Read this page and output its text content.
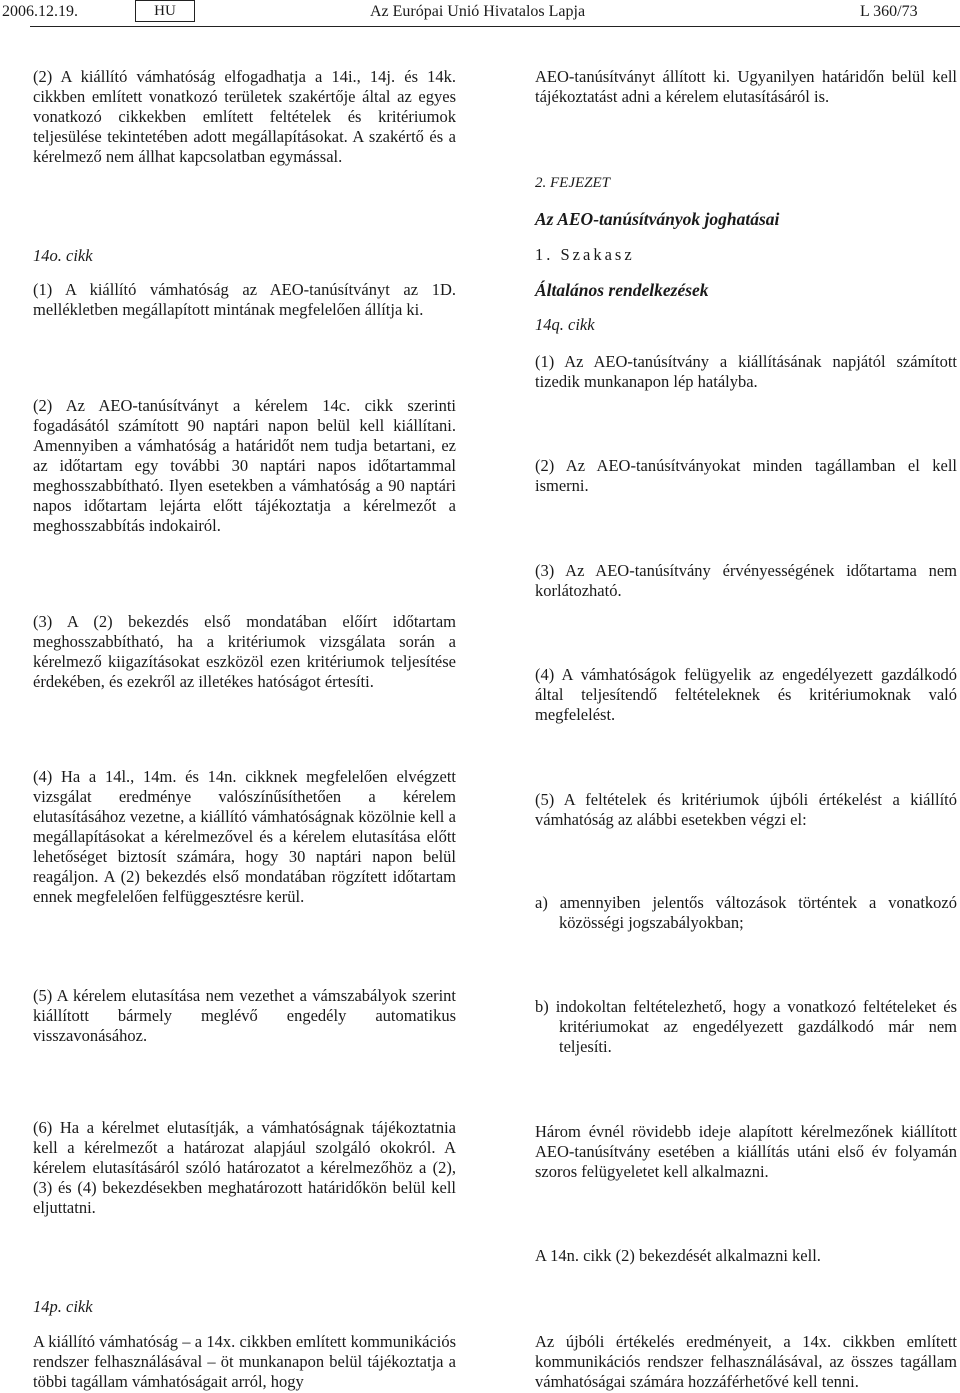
2006.12.19.	HU	Az Európai Unió Hivatalos Lapja	L 360/73

(2) A kiállító vámhatóság elfogadhatja a 14i., 14j. és 14k. cikkben említett vonatkozó területek szakértője által az egyes vonatkozó cikkekben említett feltételek és kritériumok teljesülése tekintetében adott megállapításokat. A szakértő és a kérelmező nem állhat kapcsolatban egymással.

14o. cikk

(1) A kiállító vámhatóság az AEO-tanúsítványt az 1D. mellékletben megállapított mintának megfelelően állítja ki.

(2) Az AEO-tanúsítványt a kérelem 14c. cikk szerinti fogadásától számított 90 naptári napon belül kell kiállítani. Amennyiben a vámhatóság a határidőt nem tudja betartani, ez az időtartam egy további 30 naptári napos időtartammal meghosszabbítható. Ilyen esetekben a vámhatóság a 90 naptári napos időtartam lejárta előtt tájékoztatja a kérelmezőt a meghosszabbítás indokairól.

(3) A (2) bekezdés első mondatában előírt időtartam meghosszabbítható, ha a kritériumok vizsgálata során a kérelmező kiigazításokat eszközöl ezen kritériumok teljesítése érdekében, és ezekről az illetékes hatóságot értesíti.

(4) Ha a 14l., 14m. és 14n. cikknek megfelelően elvégzett vizsgálat eredménye valószínűsíthetően a kérelem elutasításához vezetne, a kiállító vámhatóságnak közölnie kell a megállapításokat a kérelmezővel és a kérelem elutasítása előtt lehetőséget biztosít számára, hogy 30 naptári napon belül reagáljon. A (2) bekezdés első mondatában rögzített időtartam ennek megfelelően felfüggesztésre kerül.

(5) A kérelem elutasítása nem vezethet a vámszabályok szerint kiállított bármely meglévő engedély automatikus visszavonásához.

(6) Ha a kérelmet elutasítják, a vámhatóságnak tájékoztatnia kell a kérelmezőt a határozat alapjául szolgáló okokról. A kérelem elutasításáról szóló határozatot a kérelmezőhöz a (2), (3) és (4) bekezdésekben meghatározott határidőkön belül kell eljuttatni.

14p. cikk

A kiállító vámhatóság – a 14x. cikkben említett kommunikációs rendszer felhasználásával – öt munkanapon belül tájékoztatja a többi tagállam vámhatóságait arról, hogy

AEO-tanúsítványt állított ki. Ugyanilyen határidőn belül kell tájékoztatást adni a kérelem elutasításáról is.

2. FEJEZET

Az AEO-tanúsítványok joghatásai

1. Szakasz

Általános rendelkezések

14q. cikk

(1) Az AEO-tanúsítvány a kiállításának napjától számított tizedik munkanapon lép hatályba.

(2) Az AEO-tanúsítványokat minden tagállamban el kell ismerni.

(3) Az AEO-tanúsítvány érvényességének időtartama nem korlátozható.

(4) A vámhatóságok felügyelik az engedélyezett gazdálkodó által teljesítendő feltételeknek és kritériumoknak való megfelelést.

(5) A feltételek és kritériumok újbóli értékelést a kiállító vámhatóság az alábbi esetekben végzi el:

a) amennyiben jelentős változások történtek a vonatkozó közösségi jogszabályokban;

b) indokoltan feltételezhető, hogy a vonatkozó feltételeket és kritériumokat az engedélyezett gazdálkodó már nem teljesíti.

Három évnél rövidebb ideje alapított kérelmezőnek kiállított AEO-tanúsítvány esetében a kiállítás utáni első év folyamán szoros felügyeletet kell alkalmazni.

A 14n. cikk (2) bekezdését alkalmazni kell.

Az újbóli értékelés eredményeit, a 14x. cikkben említett kommunikációs rendszer felhasználásával, az összes tagállam vámhatóságai számára hozzáférhetővé kell tenni.
